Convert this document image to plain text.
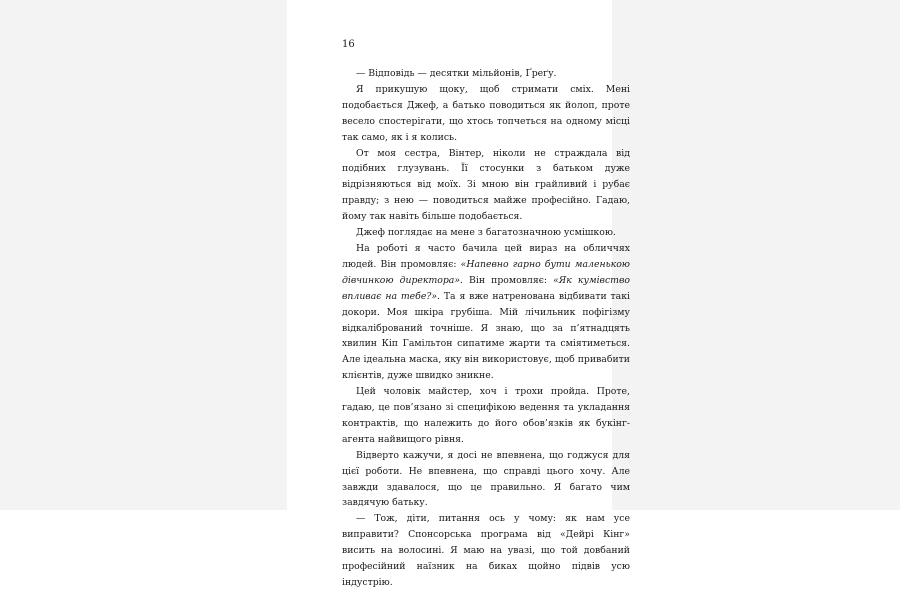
16

— Відповідь — десятки мільйонів, Ґреґу.

Я прикушую щоку, щоб стримати сміх. Мені подобається Джеф, а батько поводиться як йолоп, проте весело спостерігати, що хтось топчеться на одному місці так само, як і я колись.

От моя сестра, Вінтер, ніколи не страждала від подібних глузувань. Її стосунки з батьком дуже відрізняються від моїх. Зі мною він грайливий і рубає правду; з нею — поводиться майже професійно. Гадаю, йому так навіть більше подобається.

Джеф поглядає на мене з багатозначною усмішкою.

На роботі я часто бачила цей вираз на обличчях людей. Він промовляє: «Напевно гарно бути маленькою дівчинкою директора». Він промовляє: «Як кумівство впливає на тебе?». Та я вже натренована відбивати такі докори. Моя шкіра грубіша. Мій лічильник пофігізму відкалібрований точніше. Я знаю, що за п’ятнадцять хвилин Кіп Гамільтон сипатиме жарти та сміятиметься. Але ідеальна маска, яку він використовує, щоб привабити клієнтів, дуже швидко зникне.

Цей чоловік майстер, хоч і трохи пройда. Проте, гадаю, це пов’язано зі специфікою ведення та укладання контрактів, що належить до його обов’язків як букінг-агента найвищого рівня.

Відверто кажучи, я досі не впевнена, що годжуся для цієї роботи. Не впевнена, що справді цього хочу. Але завжди здавалося, що це правильно. Я багато чим завдячую батьку.

— Тож, діти, питання ось у чому: як нам усе виправити? Спонсорська програма від «Дейрі Кінг» висить на волосині. Я маю на увазі, що той довбаний професійний наїзник на биках щойно підвів усю індустрію.
